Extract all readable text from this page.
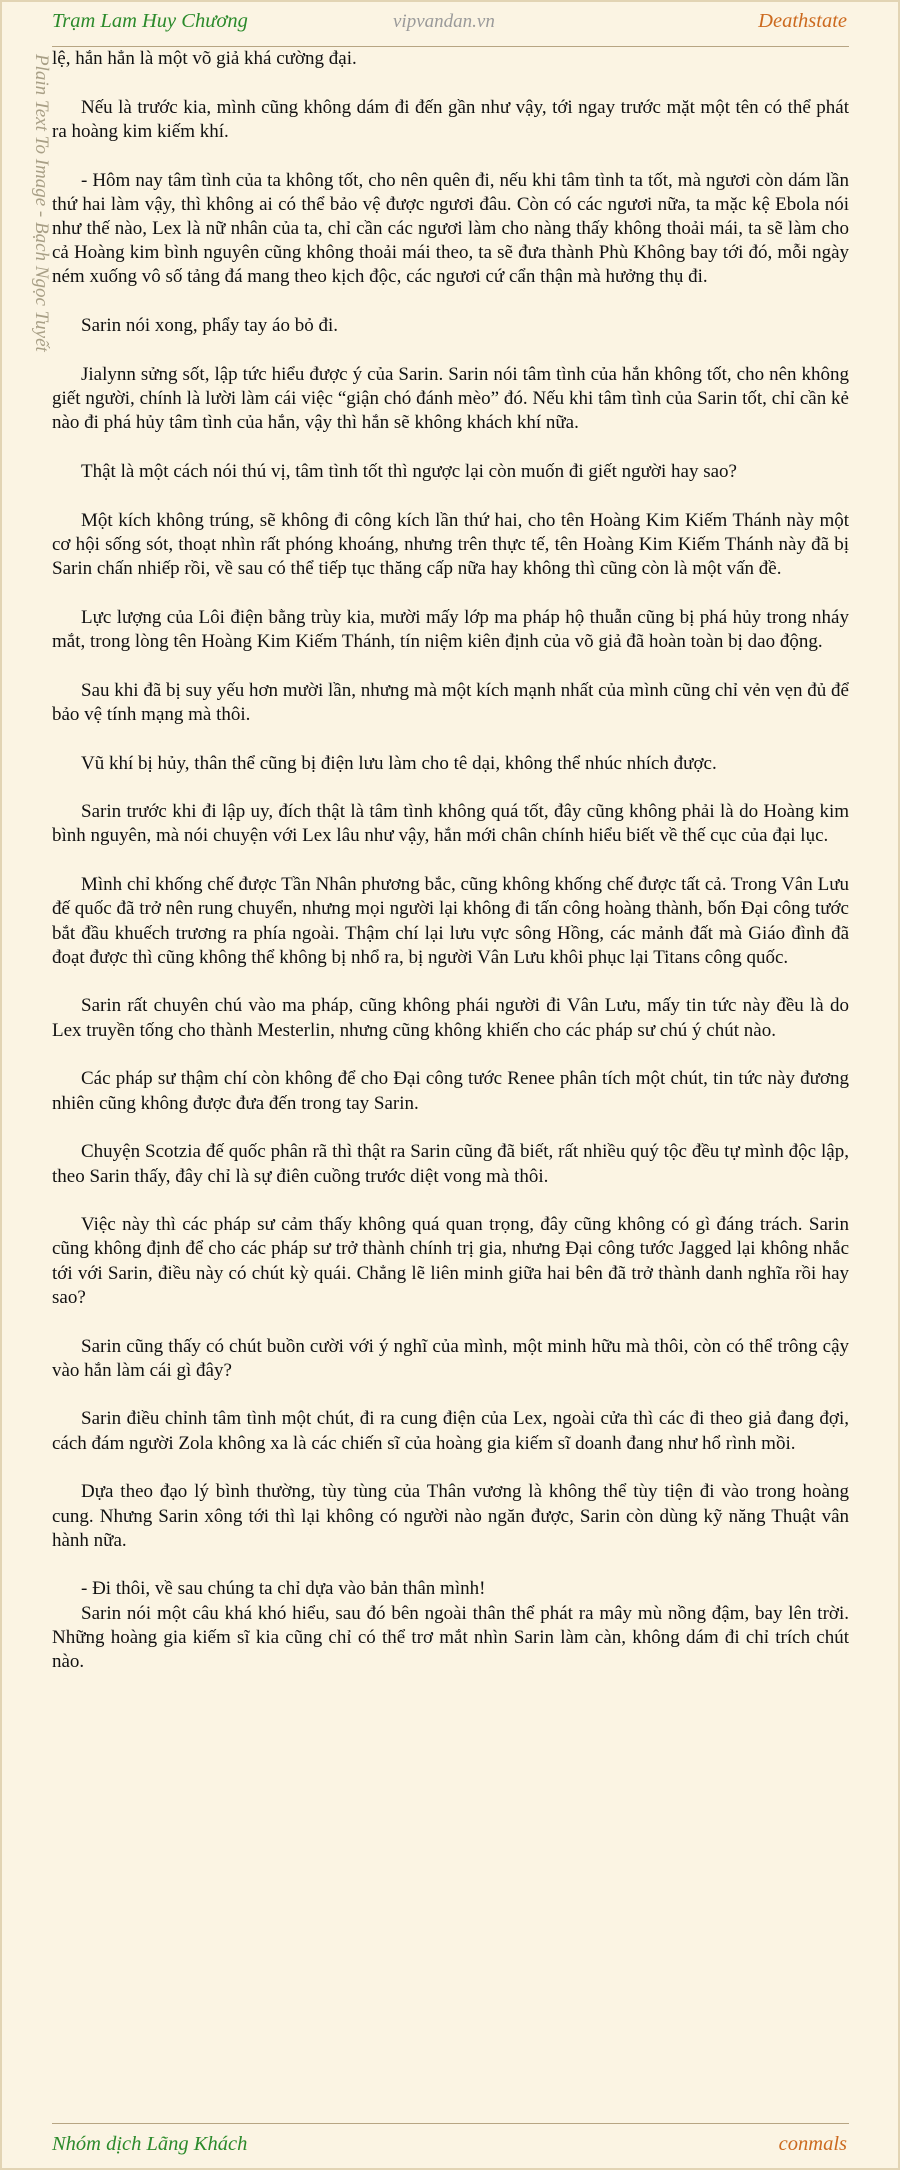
Trạm Lam Huy Chương	vipvandan.vn	Deathstate
Plain Text To Image - Bạch Ngọc Tuyết lệ, hắn hẳn là một võ giả khá cường đại.

Nếu là trước kia, mình cũng không dám đi đến gần như vậy, tới ngay trước mặt một tên có thể phát ra hoàng kim kiếm khí.

- Hôm nay tâm tình của ta không tốt, cho nên quên đi, nếu khi tâm tình ta tốt, mà ngươi còn dám lần thứ hai làm vậy, thì không ai có thể bảo vệ được ngươi đâu. Còn có các ngươi nữa, ta mặc kệ Ebola nói như thế nào, Lex là nữ nhân của ta, chỉ cần các ngươi làm cho nàng thấy không thoải mái, ta sẽ làm cho cả Hoàng kim bình nguyên cũng không thoải mái theo, ta sẽ đưa thành Phù Không bay tới đó, mỗi ngày ném xuống vô số tảng đá mang theo kịch độc, các ngươi cứ cẩn thận mà hưởng thụ đi.

Sarin nói xong, phẩy tay áo bỏ đi.

Jialynn sửng sốt, lập tức hiểu được ý của Sarin. Sarin nói tâm tình của hắn không tốt, cho nên không giết người, chính là lười làm cái việc “giận chó đánh mèo” đó. Nếu khi tâm tình của Sarin tốt, chỉ cần kẻ nào đi phá hủy tâm tình của hắn, vậy thì hắn sẽ không khách khí nữa.

Thật là một cách nói thú vị, tâm tình tốt thì ngược lại còn muốn đi giết người hay sao?

Một kích không trúng, sẽ không đi công kích lần thứ hai, cho tên Hoàng Kim Kiếm Thánh này một cơ hội sống sót, thoạt nhìn rất phóng khoáng, nhưng trên thực tế, tên Hoàng Kim Kiếm Thánh này đã bị Sarin chấn nhiếp rồi, về sau có thể tiếp tục thăng cấp nữa hay không thì cũng còn là một vấn đề.

Lực lượng của Lôi điện bằng trùy kia, mười mấy lớp ma pháp hộ thuẫn cũng bị phá hủy trong nháy mắt, trong lòng tên Hoàng Kim Kiếm Thánh, tín niệm kiên định của võ giả đã hoàn toàn bị dao động.

Sau khi đã bị suy yếu hơn mười lần, nhưng mà một kích mạnh nhất của mình cũng chỉ vẻn vẹn đủ để bảo vệ tính mạng mà thôi.

Vũ khí bị hủy, thân thể cũng bị điện lưu làm cho tê dại, không thể nhúc nhích được.

Sarin trước khi đi lập uy, đích thật là tâm tình không quá tốt, đây cũng không phải là do Hoàng kim bình nguyên, mà nói chuyện với Lex lâu như vậy, hắn mới chân chính hiểu biết về thế cục của đại lục.

Mình chỉ khống chế được Tần Nhân phương bắc, cũng không khống chế được tất cả. Trong Vân Lưu đế quốc đã trở nên rung chuyển, nhưng mọi người lại không đi tấn công hoàng thành, bốn Đại công tước bắt đầu khuếch trương ra phía ngoài. Thậm chí lại lưu vực sông Hồng, các mảnh đất mà Giáo đình đã đoạt được thì cũng không thể không bị nhổ ra, bị người Vân Lưu khôi phục lại Titans công quốc.

Sarin rất chuyên chú vào ma pháp, cũng không phái người đi Vân Lưu, mấy tin tức này đều là do Lex truyền tống cho thành Mesterlin, nhưng cũng không khiến cho các pháp sư chú ý chút nào.

Các pháp sư thậm chí còn không để cho Đại công tước Renee phân tích một chút, tin tức này đương nhiên cũng không được đưa đến trong tay Sarin.

Chuyện Scotzia đế quốc phân rã thì thật ra Sarin cũng đã biết, rất nhiều quý tộc đều tự mình độc lập, theo Sarin thấy, đây chỉ là sự điên cuồng trước diệt vong mà thôi.

Việc này thì các pháp sư cảm thấy không quá quan trọng, đây cũng không có gì đáng trách. Sarin cũng không định để cho các pháp sư trở thành chính trị gia, nhưng Đại công tước Jagged lại không nhắc tới với Sarin, điều này có chút kỳ quái. Chẳng lẽ liên minh giữa hai bên đã trở thành danh nghĩa rồi hay sao?

Sarin cũng thấy có chút buồn cười với ý nghĩ của mình, một minh hữu mà thôi, còn có thể trông cậy vào hắn làm cái gì đây?

Sarin điều chỉnh tâm tình một chút, đi ra cung điện của Lex, ngoài cửa thì các đi theo giả đang đợi, cách đám người Zola không xa là các chiến sĩ của hoàng gia kiếm sĩ doanh đang như hổ rình mồi.

Dựa theo đạo lý bình thường, tùy tùng của Thân vương là không thể tùy tiện đi vào trong hoàng cung. Nhưng Sarin xông tới thì lại không có người nào ngăn được, Sarin còn dùng kỹ năng Thuật vân hành nữa.

- Đi thôi, về sau chúng ta chỉ dựa vào bản thân mình!

Sarin nói một câu khá khó hiểu, sau đó bên ngoài thân thể phát ra mây mù nồng đậm, bay lên trời. Những hoàng gia kiếm sĩ kia cũng chỉ có thể trơ mắt nhìn Sarin làm càn, không dám đi chỉ trích chút nào.

Nhóm dịch Lãng Khách	conmals
